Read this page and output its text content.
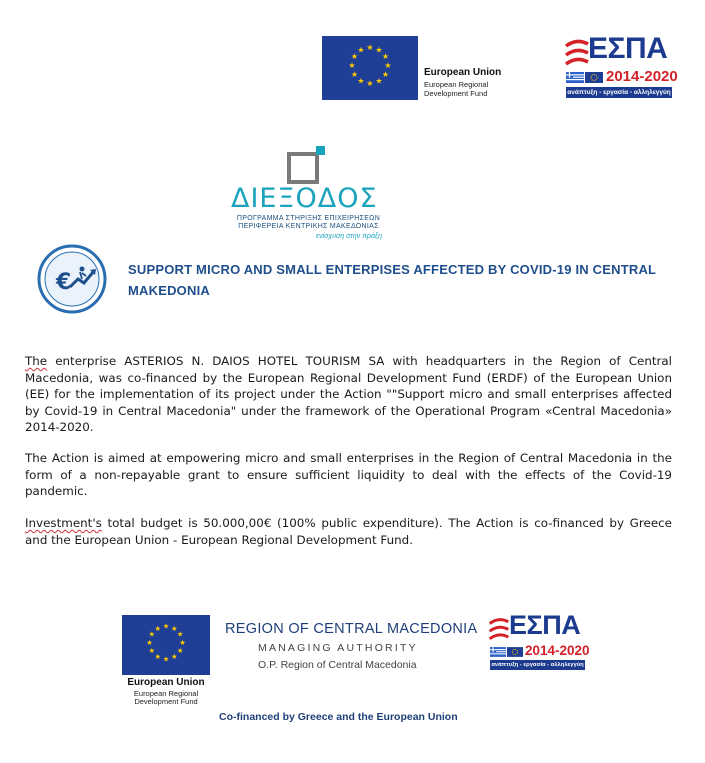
★ ★
★
★
★
★
★
★
★
★
★
★
European Union
European Regional
Development Fund
ΕΣΠΑ
2014-2020
ανάπτυξη - εργασία - αλληλεγγύη
ΔΙΕΞΟΔΟΣ
ΠΡΟΓΡΑΜΜΑ ΣΤΗΡΙΞΗΣ ΕΠΙΧΕΙΡΗΣΕΩΝ
ΠΕΡΙΦΕΡΕΙΑ ΚΕΝΤΡΙΚΗΣ ΜΑΚΕΔΟΝΙΑΣ
ενίσχυση στην πράξη
€
SUPPORT MICRO AND SMALL ENTERPISES AFFECTED BY COVID-19 IN CENTRAL MAKEDONIA
The enterprise ASTERIOS N. DAIOS HOTEL TOURISM SA with headquarters in the Region of Central Macedonia, was co-financed by the European Regional Development Fund (ERDF) of the European Union (EE) for the implementation of its project under the Action ""Support micro and small enterprises affected by Covid-19 in Central Macedonia" under the framework of the Operational Program «Central Macedonia» 2014-2020.
The Action is aimed at empowering micro and small enterprises in the Region of Central Macedonia in the form of a non-repayable grant to ensure sufficient liquidity to deal with the effects of the Covid-19 pandemic.
Investment's total budget is 50.000,00€ (100% public expenditure). The Action is co-financed by Greece and the European Union - European Regional Development Fund.
★ ★
★
★
★
★
★
★
★
★
★
★
European Union
European Regional
Development Fund
REGION OF CENTRAL MACEDONIA
MANAGING AUTHORITY
O.P. Region of Central Macedonia
ΕΣΠΑ
2014-2020
ανάπτυξη - εργασία - αλληλεγγύη
Co-financed by Greece and the European Union
